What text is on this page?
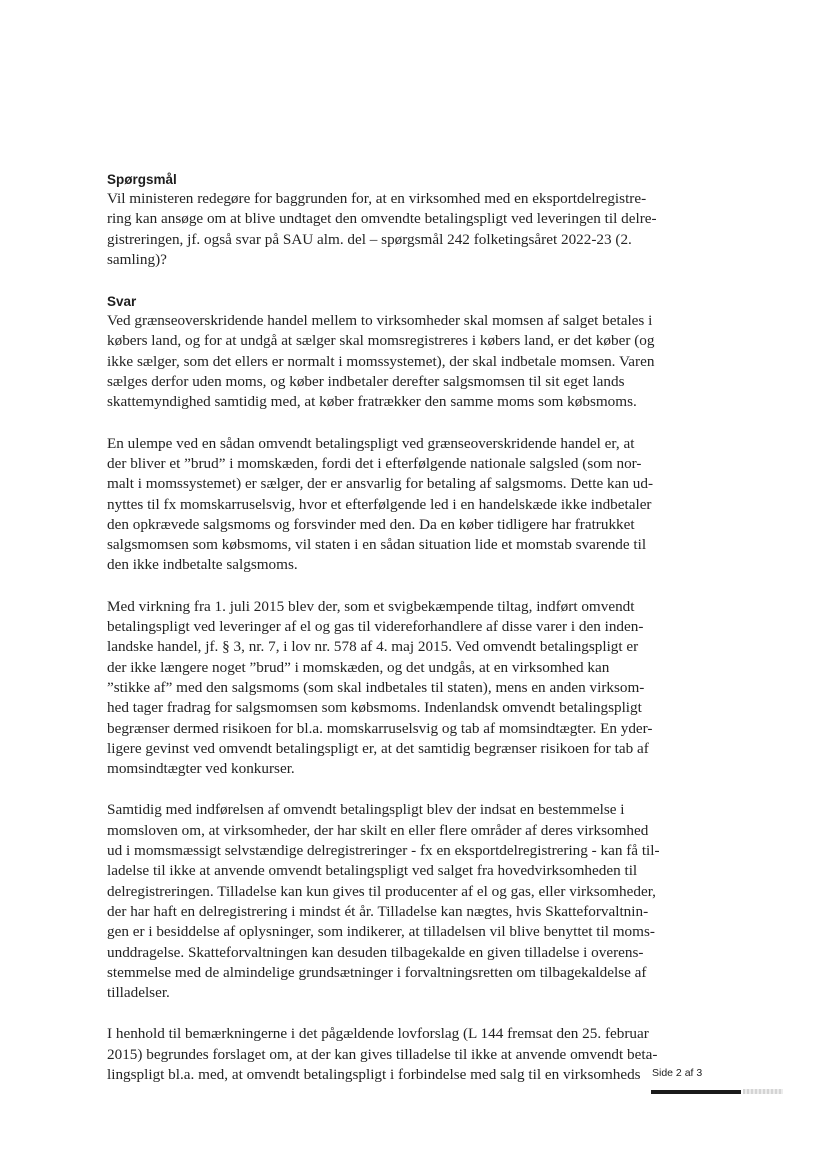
Spørgsmål

Vil ministeren redegøre for baggrunden for, at en virksomhed med en eksportdelregistre-
ring kan ansøge om at blive undtaget den omvendte betalingspligt ved leveringen til delre-
gistreringen, jf. også svar på SAU alm. del – spørgsmål 242 folketingsåret 2022-23 (2.
samling)?

Svar

Ved grænseoverskridende handel mellem to virksomheder skal momsen af salget betales i
købers land, og for at undgå at sælger skal momsregistreres i købers land, er det køber (og
ikke sælger, som det ellers er normalt i momssystemet), der skal indbetale momsen. Varen
sælges derfor uden moms, og køber indbetaler derefter salgsmomsen til sit eget lands
skattemyndighed samtidig med, at køber fratrækker den samme moms som købsmoms.

En ulempe ved en sådan omvendt betalingspligt ved grænseoverskridende handel er, at
der bliver et ”brud” i momskæden, fordi det i efterfølgende nationale salgsled (som nor-
malt i momssystemet) er sælger, der er ansvarlig for betaling af salgsmoms. Dette kan ud-
nyttes til fx momskarruselsvig, hvor et efterfølgende led i en handelskæde ikke indbetaler
den opkrævede salgsmoms og forsvinder med den. Da en køber tidligere har fratrukket
salgsmomsen som købsmoms, vil staten i en sådan situation lide et momstab svarende til
den ikke indbetalte salgsmoms.

Med virkning fra 1. juli 2015 blev der, som et svigbekæmpende tiltag, indført omvendt
betalingspligt ved leveringer af el og gas til videreforhandlere af disse varer i den inden-
landske handel, jf. § 3, nr. 7, i lov nr. 578 af 4. maj 2015. Ved omvendt betalingspligt er
der ikke længere noget ”brud” i momskæden, og det undgås, at en virksomhed kan
”stikke af” med den salgsmoms (som skal indbetales til staten), mens en anden virksom-
hed tager fradrag for salgsmomsen som købsmoms. Indenlandsk omvendt betalingspligt
begrænser dermed risikoen for bl.a. momskarruselsvig og tab af momsindtægter. En yder-
ligere gevinst ved omvendt betalingspligt er, at det samtidig begrænser risikoen for tab af
momsindtægter ved konkurser.

Samtidig med indførelsen af omvendt betalingspligt blev der indsat en bestemmelse i
momsloven om, at virksomheder, der har skilt en eller flere områder af deres virksomhed
ud i momsmæssigt selvstændige delregistreringer - fx en eksportdelregistrering - kan få til-
ladelse til ikke at anvende omvendt betalingspligt ved salget fra hovedvirksomheden til
delregistreringen. Tilladelse kan kun gives til producenter af el og gas, eller virksomheder,
der har haft en delregistrering i mindst ét år. Tilladelse kan nægtes, hvis Skatteforvaltnin-
gen er i besiddelse af oplysninger, som indikerer, at tilladelsen vil blive benyttet til moms-
unddragelse. Skatteforvaltningen kan desuden tilbagekalde en given tilladelse i overens-
stemmelse med de almindelige grundsætninger i forvaltningsretten om tilbagekaldelse af
tilladelser.

I henhold til bemærkningerne i det pågældende lovforslag (L 144 fremsat den 25. februar
2015) begrundes forslaget om, at der kan gives tilladelse til ikke at anvende omvendt beta-
lingspligt bl.a. med, at omvendt betalingspligt i forbindelse med salg til en virksomheds	Side 2 af 3
